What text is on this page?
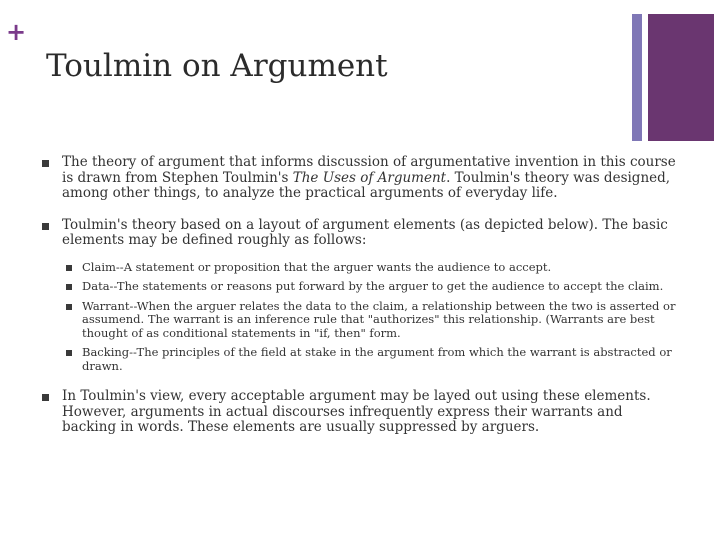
+
Toulmin on Argument
The theory of argument that informs discussion of argumentative invention in this course is drawn from Stephen Toulmin's The Uses of Argument. Toulmin's theory was designed, among other things, to analyze the practical arguments of everyday life.
Toulmin's theory based on a layout of argument elements (as depicted below). The basic elements may be defined roughly as follows:
Claim--A statement or proposition that the arguer wants the audience to accept.
Data--The statements or reasons put forward by the arguer to get the audience to accept the claim.
Warrant--When the arguer relates the data to the claim, a relationship between the two is asserted or assumend. The warrant is an inference rule that "authorizes" this relationship. (Warrants are best thought of as conditional statements in "if, then" form.
Backing--The principles of the field at stake in the argument from which the warrant is abstracted or drawn.
In Toulmin's view, every acceptable argument may be layed out using these elements. However, arguments in actual discourses infrequently express their warrants and backing in words. These elements are usually suppressed by arguers.
